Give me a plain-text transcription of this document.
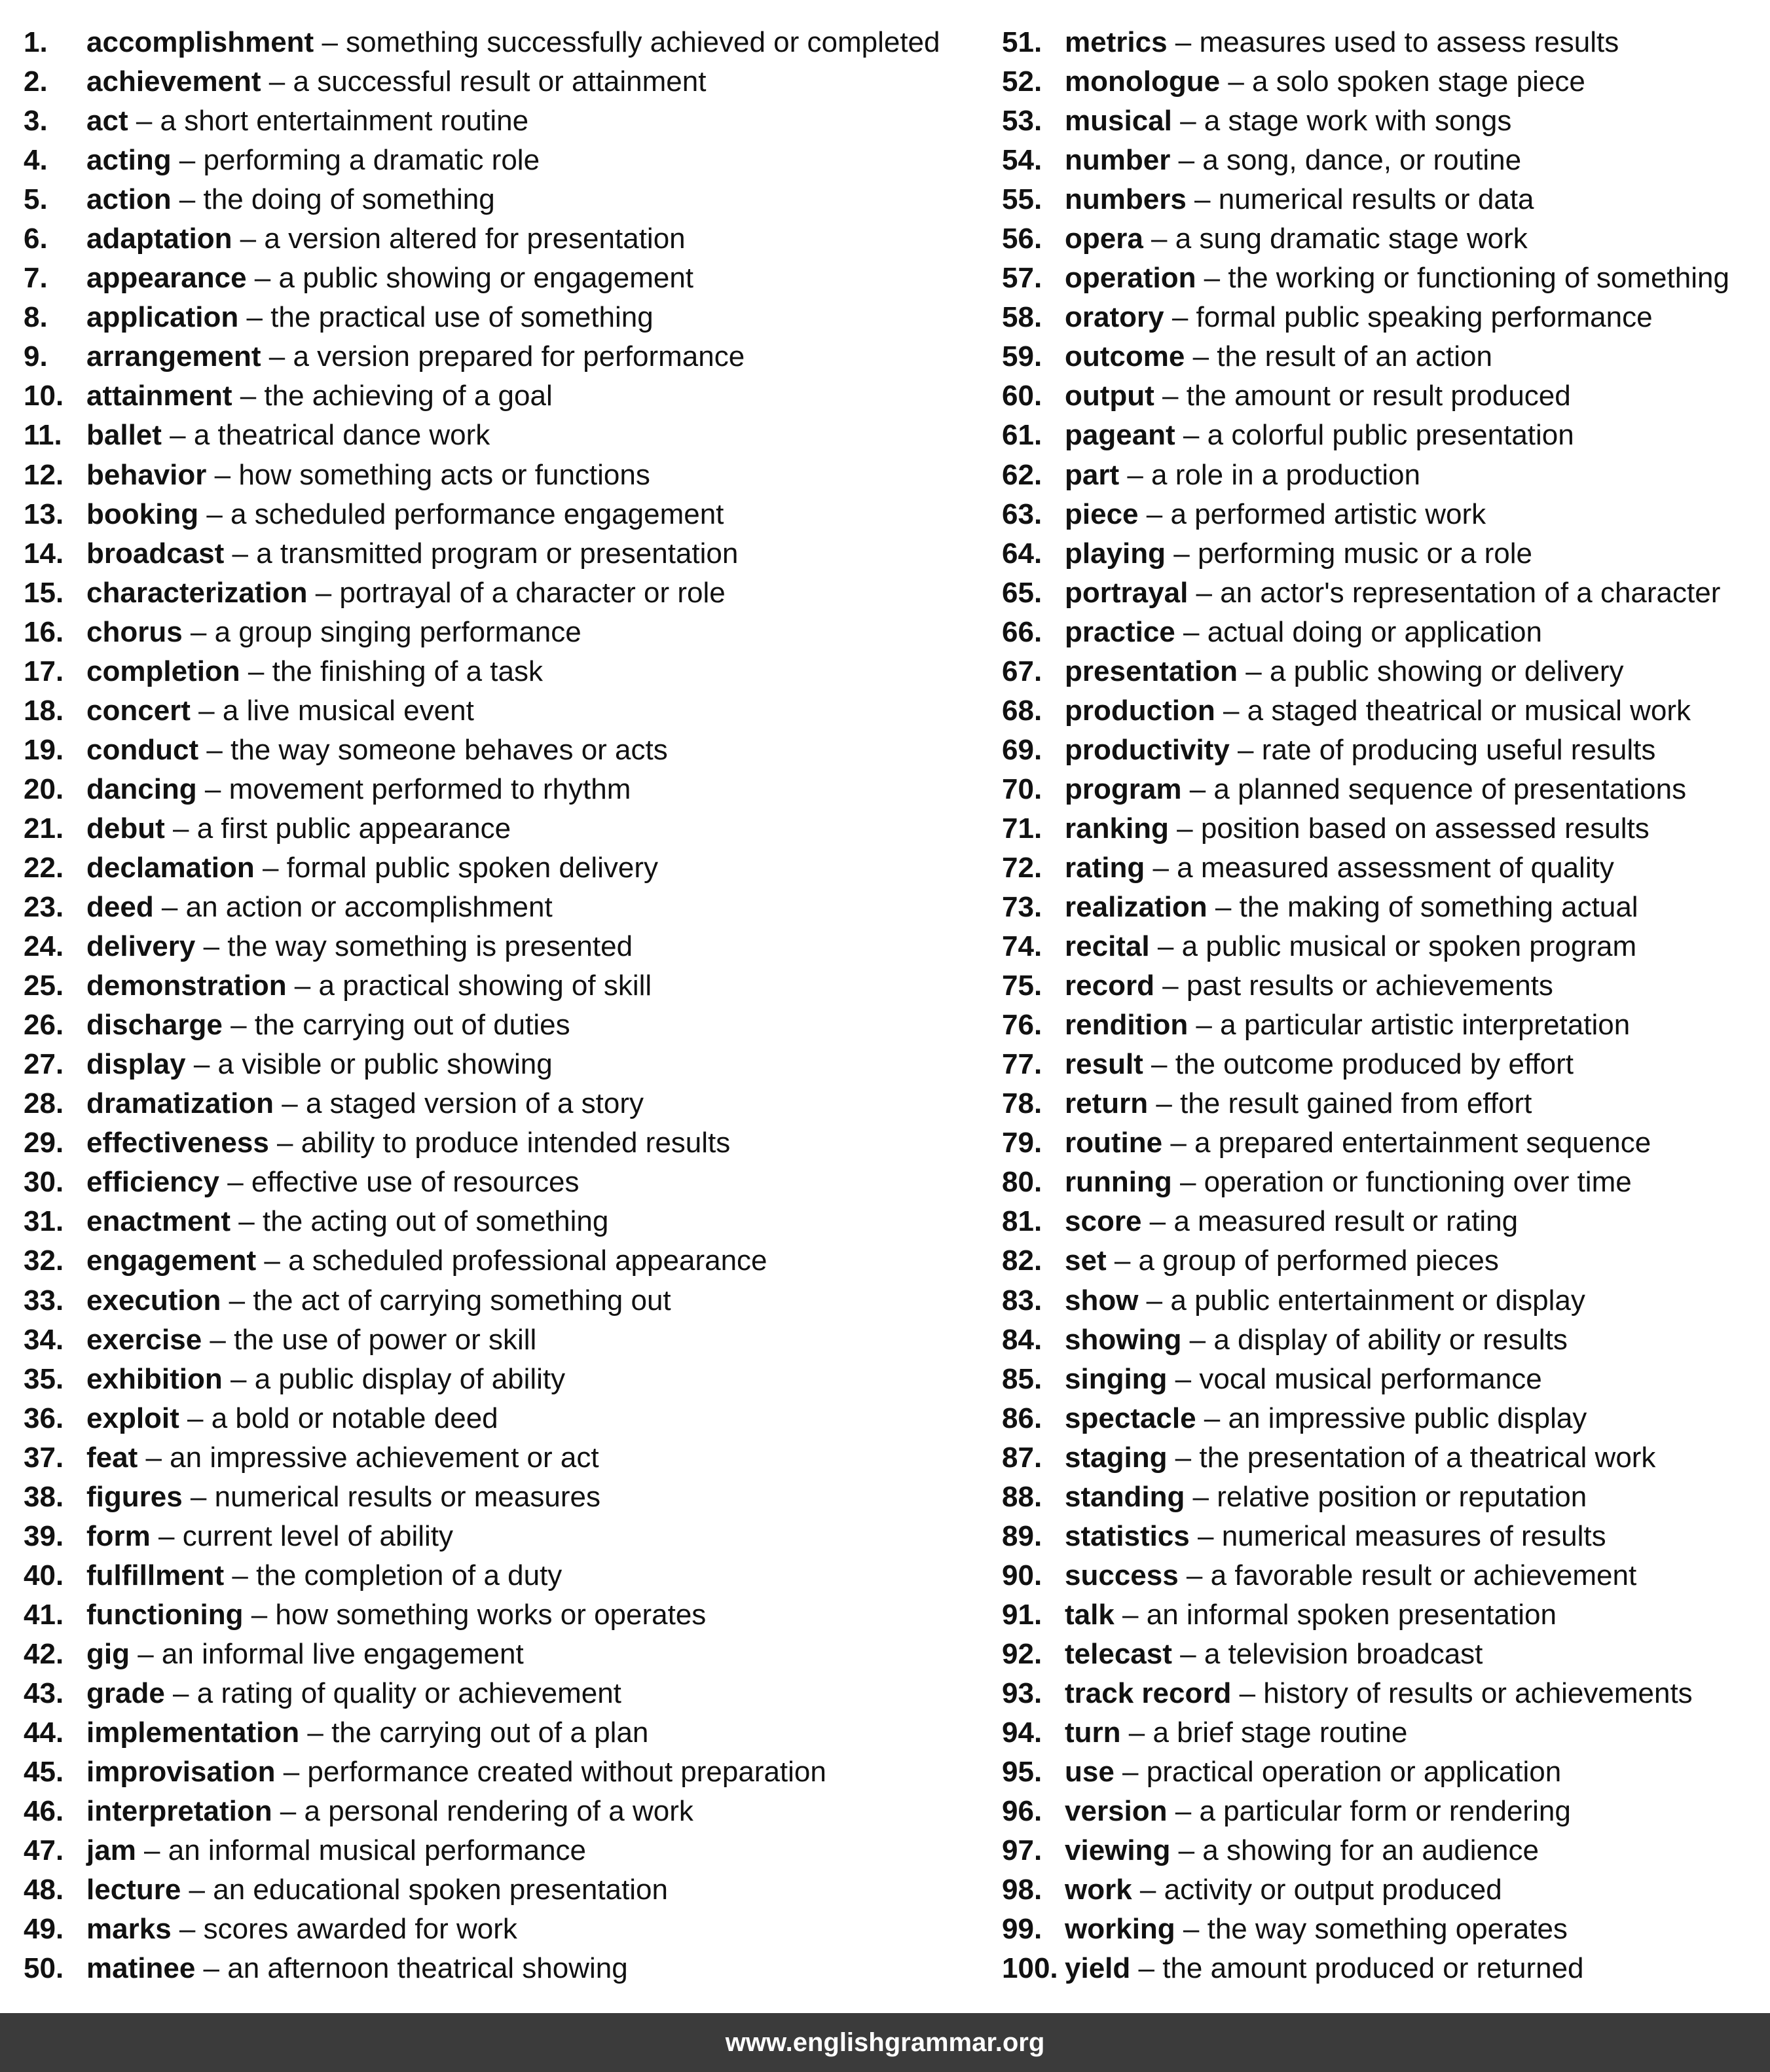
1. accomplishment – something successfully achieved or completed
2. achievement – a successful result or attainment
3. act – a short entertainment routine
4. acting – performing a dramatic role
5. action – the doing of something
6. adaptation – a version altered for presentation
7. appearance – a public showing or engagement
8. application – the practical use of something
9. arrangement – a version prepared for performance
10. attainment – the achieving of a goal
11. ballet – a theatrical dance work
12. behavior – how something acts or functions
13. booking – a scheduled performance engagement
14. broadcast – a transmitted program or presentation
15. characterization – portrayal of a character or role
16. chorus – a group singing performance
17. completion – the finishing of a task
18. concert – a live musical event
19. conduct – the way someone behaves or acts
20. dancing – movement performed to rhythm
21. debut – a first public appearance
22. declamation – formal public spoken delivery
23. deed – an action or accomplishment
24. delivery – the way something is presented
25. demonstration – a practical showing of skill
26. discharge – the carrying out of duties
27. display – a visible or public showing
28. dramatization – a staged version of a story
29. effectiveness – ability to produce intended results
30. efficiency – effective use of resources
31. enactment – the acting out of something
32. engagement – a scheduled professional appearance
33. execution – the act of carrying something out
34. exercise – the use of power or skill
35. exhibition – a public display of ability
36. exploit – a bold or notable deed
37. feat – an impressive achievement or act
38. figures – numerical results or measures
39. form – current level of ability
40. fulfillment – the completion of a duty
41. functioning – how something works or operates
42. gig – an informal live engagement
43. grade – a rating of quality or achievement
44. implementation – the carrying out of a plan
45. improvisation – performance created without preparation
46. interpretation – a personal rendering of a work
47. jam – an informal musical performance
48. lecture – an educational spoken presentation
49. marks – scores awarded for work
50. matinee – an afternoon theatrical showing
51. metrics – measures used to assess results
52. monologue – a solo spoken stage piece
53. musical – a stage work with songs
54. number – a song, dance, or routine
55. numbers – numerical results or data
56. opera – a sung dramatic stage work
57. operation – the working or functioning of something
58. oratory – formal public speaking performance
59. outcome – the result of an action
60. output – the amount or result produced
61. pageant – a colorful public presentation
62. part – a role in a production
63. piece – a performed artistic work
64. playing – performing music or a role
65. portrayal – an actor's representation of a character
66. practice – actual doing or application
67. presentation – a public showing or delivery
68. production – a staged theatrical or musical work
69. productivity – rate of producing useful results
70. program – a planned sequence of presentations
71. ranking – position based on assessed results
72. rating – a measured assessment of quality
73. realization – the making of something actual
74. recital – a public musical or spoken program
75. record – past results or achievements
76. rendition – a particular artistic interpretation
77. result – the outcome produced by effort
78. return – the result gained from effort
79. routine – a prepared entertainment sequence
80. running – operation or functioning over time
81. score – a measured result or rating
82. set – a group of performed pieces
83. show – a public entertainment or display
84. showing – a display of ability or results
85. singing – vocal musical performance
86. spectacle – an impressive public display
87. staging – the presentation of a theatrical work
88. standing – relative position or reputation
89. statistics – numerical measures of results
90. success – a favorable result or achievement
91. talk – an informal spoken presentation
92. telecast – a television broadcast
93. track record – history of results or achievements
94. turn – a brief stage routine
95. use – practical operation or application
96. version – a particular form or rendering
97. viewing – a showing for an audience
98. work – activity or output produced
99. working – the way something operates
100. yield – the amount produced or returned
www.englishgrammar.org
